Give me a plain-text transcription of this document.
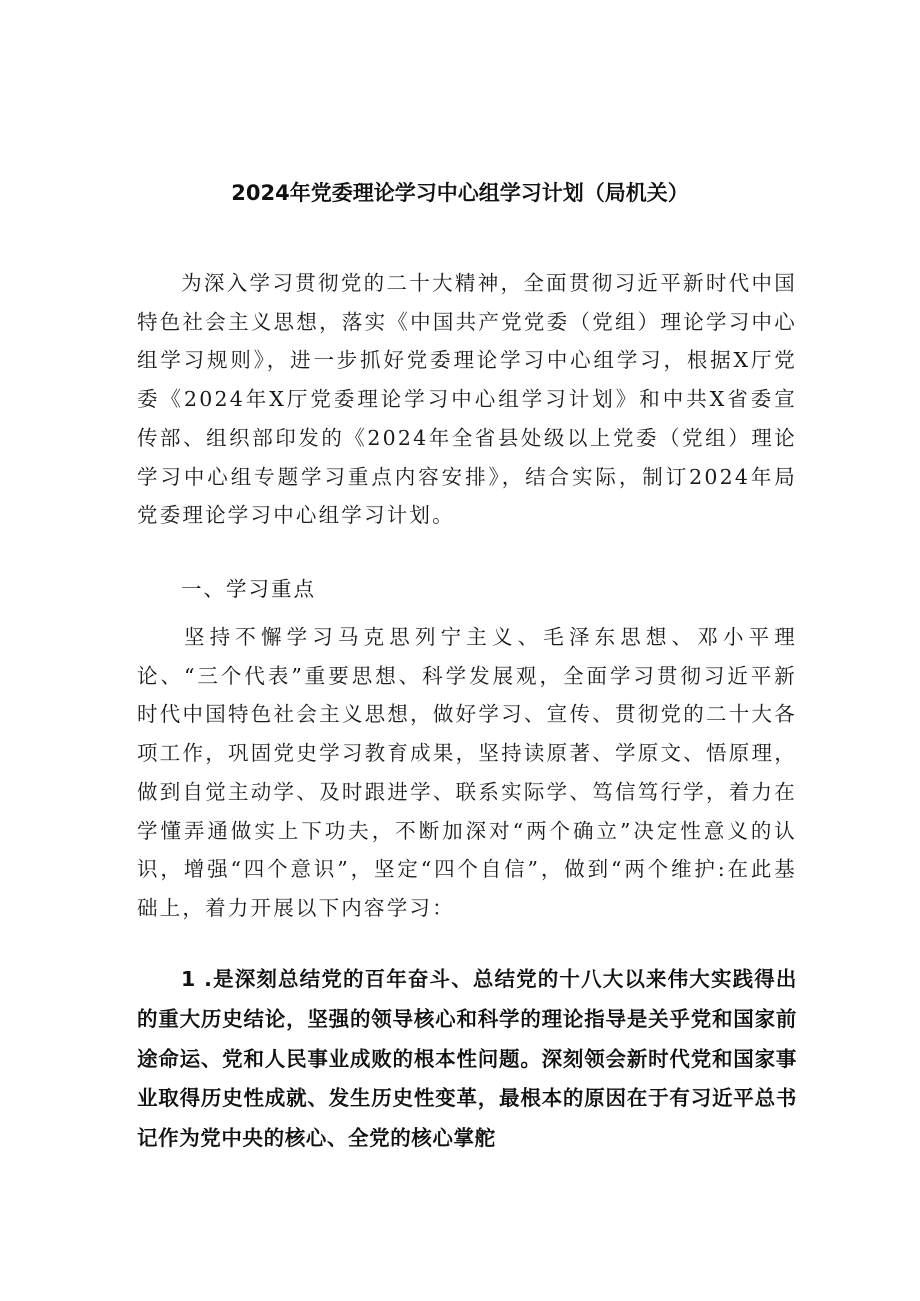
2024年党委理论学习中心组学习计划（局机关）

为深入学习贯彻党的二十大精神，全面贯彻习近平新时代中国特色社会主义思想，落实《中国共产党党委（党组）理论学习中心组学习规则》，进一步抓好党委理论学习中心组学习，根据X厅党委《2024年X厅党委理论学习中心组学习计划》和中共X省委宣传部、组织部印发的《2024年全省县处级以上党委（党组）理论学习中心组专题学习重点内容安排》，结合实际，制订2024年局党委理论学习中心组学习计划。

一、学习重点

坚持不懈学习马克思列宁主义、毛泽东思想、邓小平理论、“三个代表”重要思想、科学发展观，全面学习贯彻习近平新时代中国特色社会主义思想，做好学习、宣传、贯彻党的二十大各项工作，巩固党史学习教育成果，坚持读原著、学原文、悟原理，做到自觉主动学、及时跟进学、联系实际学、笃信笃行学，着力在学懂弄通做实上下功夫，不断加深对“两个确立”决定性意义的认识，增强“四个意识”，坚定“四个自信”，做到“两个维护:在此基础上，着力开展以下内容学习：

1 .是深刻总结党的百年奋斗、总结党的十八大以来伟大实践得出的重大历史结论，坚强的领导核心和科学的理论指导是关乎党和国家前途命运、党和人民事业成败的根本性问题。深刻领会新时代党和国家事业取得历史性成就、发生历史性变革，最根本的原因在于有习近平总书记作为党中央的核心、全党的核心掌舵
